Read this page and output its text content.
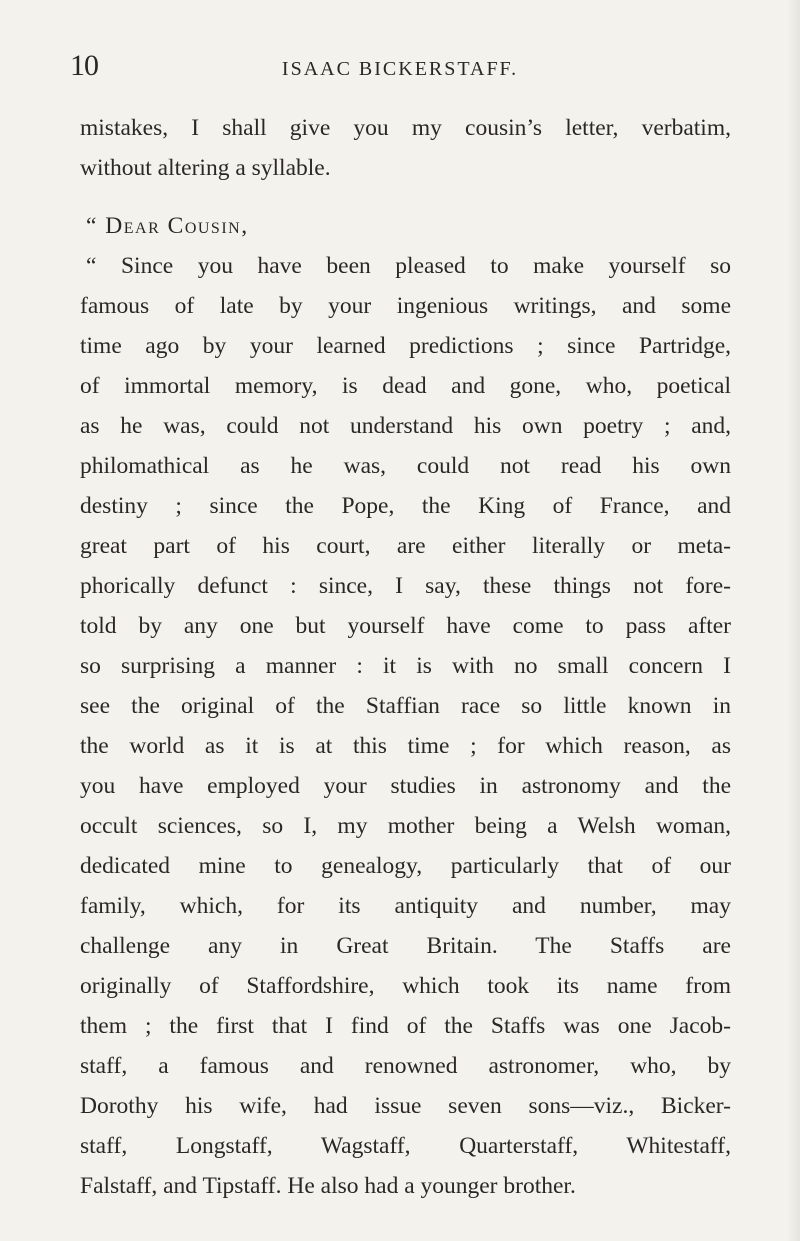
10	ISAAC BICKERSTAFF.
mistakes, I shall give you my cousin’s letter, verbatim,
without altering a syllable.
“ Dear Cousin,
“ Since you have been pleased to make yourself so
famous of late by your ingenious writings, and some
time ago by your learned predictions ; since Partridge,
of immortal memory, is dead and gone, who, poetical
as he was, could not understand his own poetry ; and,
philomathical as he was, could not read his own
destiny ; since the Pope, the King of France, and
great part of his court, are either literally or meta-
phorically defunct : since, I say, these things not fore-
told by any one but yourself have come to pass after
so surprising a manner : it is with no small concern I
see the original of the Staffian race so little known in
the world as it is at this time ; for which reason, as
you have employed your studies in astronomy and the
occult sciences, so I, my mother being a Welsh woman,
dedicated mine to genealogy, particularly that of our
family, which, for its antiquity and number, may
challenge any in Great Britain. The Staffs are
originally of Staffordshire, which took its name from
them ; the first that I find of the Staffs was one Jacob-
staff, a famous and renowned astronomer, who, by
Dorothy his wife, had issue seven sons—viz., Bicker-
staff, Longstaff, Wagstaff, Quarterstaff, Whitestaff,
Falstaff, and Tipstaff. He also had a younger brother.
